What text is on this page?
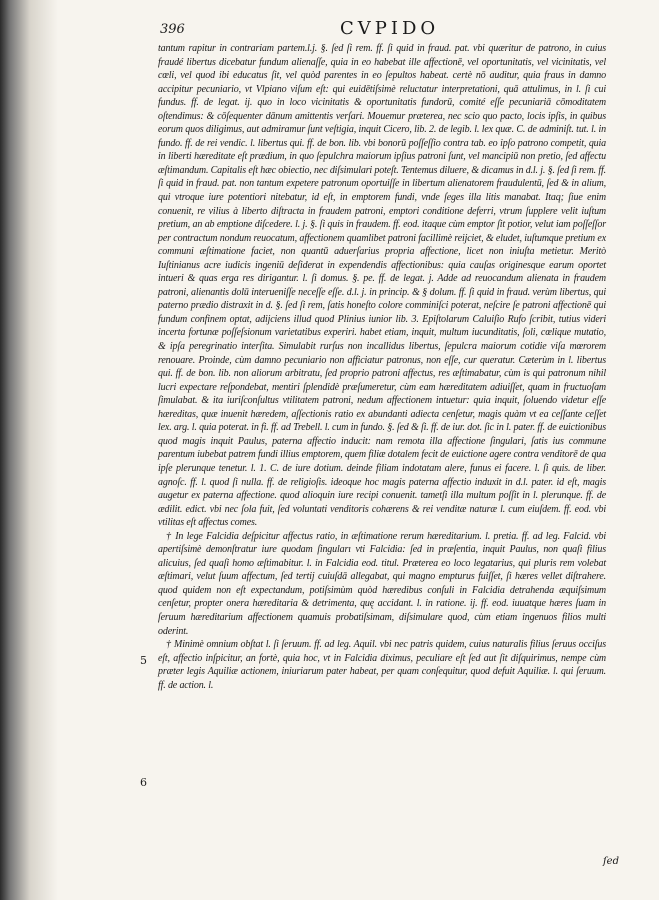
396	CVPIDO
5
6

tantum rapitur in contrariam partem.l.j. §. ſed ſi rem. ff. ſi quid in fraud. pat. vbi quæritur de patrono, in cuius fraudé libertus dicebatur fundum alienaſſe, quia in eo habebat ille affectionē, vel oportunitatis, vel vicinitatis, vel cœli, vel quod ibi educatus ſit, vel quòd parentes in eo ſepultos habeat. certè nō auditur, quia fraus in damno accipitur pecuniario, vt Vlpiano viſum eſt: qui euidētiſsimè reluctatur interpretationi, quā attulimus, in l. ſi cui fundus. ff. de legat. ij. quo in loco vicinitatis & oportunitatis fundorū, comité eſſe pecuniariā cōmoditatem oſtendimus: & cōſequenter dānum amittentis verſari. Mouemur præterea, nec scio quo pacto, locis ipſis, in quibus eorum quos diligimus, aut admiramur ſunt veſtigia, inquit Cicero, lib. 2. de legib. l. lex quæ. C. de adminiſt. tut. l. in fundo. ff. de rei vendic. l. libertus qui. ff. de bon. lib. vbi bonorū poſſeſſio contra tab. eo ipſo patrono competit, quia in liberti hæreditate eſt prædium, in quo ſepulchra maiorum ipſius patroni ſunt, vel mancipiū non pretio, ſed affectu æſtimandum. Capitalis eſt hæc obiectio, nec diſsimulari poteſt. Tentemus diluere, & dicamus in d.l. j. §. ſed ſi rem. ff. ſi quid in fraud. pat. non tantum expetere patronum oportuiſſe in libertum alienatorem fraudulentū, ſed & in alium, qui vtroque iure potentiori nitebatur, id eſt, in emptorem fundi, vnde ſeges illa litis manabat. Itaq; ſiue enim conuenit, re vilius à liberto diſtracta in fraudem patroni, emptori conditione deferri, vtrum ſupplere velit iuſtum pretium, an ab emptione diſcedere. l. j. §. ſi quis in fraudem. ff. eod. itaque cùm emptor ſit potior, velut iam poſſeſſor per contractum nondum reuocatum, affectionem quamlibet patroni facillimè reijciet, & eludet, iuſtumque pretium ex communi æſtimatione faciet, non quantū aduerſarius propria affectione, licet non iniuſta metietur. Meritò Iuſtinianus acre iudicis ingeniū deſiderat in expendendis affectionibus: quia cauſas originesque earum oportet intueri & quas erga res dirigantur. l. ſi domus. §. pe. ff. de legat. j. Adde ad reuocandum alienata in fraudem patroni, alienantis dolū interueniſſe neceſſe eſſe. d.l. j. in princip. & § dolum. ff. ſi quid in fraud. verùm libertus, qui paterno prædio distraxit in d. §. ſed ſi rem, ſatis honeſto colore comminiſci poterat, neſcire ſe patroni affectionē qui fundum confinem optat, adijciens illud quod Plinius iunior lib. 3. Epiſtolarum Caluiſio Rufo ſcribit, tutius videri incerta fortunæ poſſeſsionum varietatibus experiri. habet etiam, inquit, multum iucunditatis, ſoli, cœlique mutatio, & ipſa peregrinatio interſita. Simulabit rurſus non incallidus libertus, ſepulcra maiorum cotidie viſa mœrorem renouare. Proinde, cùm damno pecuniario non afficiatur patronus, non eſſe, cur queratur. Cæterùm in l. libertus qui. ff. de bon. lib. non aliorum arbitratu, ſed proprio patroni affectus, res æſtimabatur, cùm is qui patronum nihil lucri expectare reſpondebat, mentiri ſplendidè præſumeretur, cùm eam hæreditatem adiuiſſet, quam in fructuoſam ſimulabat. & ita iuriſconſultus vtilitatem patroni, nedum affectionem intuetur: quia inquit, ſoluendo videtur eſſe hæreditas, quæ inuenit hæredem, aſſectionis ratio ex abundanti adiecta cenſetur, magis quàm vt ea ceſſante ceſſet lex. arg. l. quia poterat. in fi. ff. ad Trebell. l. cum in fundo. §. ſed & ſi. ff. de iur. dot. ſic in l. pater. ff. de euictionibus quod magis inquit Paulus, paterna affectio inducit: nam remota illa affectione ſingulari, ſatis ius commune parentum iubebat patrem fundi illius emptorem, quem filiæ dotalem fecit de euictione agere contra venditorē de qua ipſe plerunque tenetur. l. 1. C. de iure dotium. deinde filiam indotatam alere, funus ei facere. l. ſi quis. de liber. agnoſc. ff. l. quod ſi nulla. ff. de religioſis. ideoque hoc magis paterna affectio induxit in d.l. pater. id eſt, magis augetur ex paterna affectione. quod alioquin iure recipi conuenit. tametſi illa multum poſſit in l. plerunque. ff. de ædilit. edict. vbi nec ſola fuit, ſed voluntati venditoris cohærens & rei venditæ naturæ l. cum eiuſdem. ff. eod. vbi vtilitas eſt affectus comes.

† In lege Falcidia deſpicitur affectus ratio, in æſtimatione rerum hæreditarium. l. pretia. ff. ad leg. Falcid. vbi apertiſsimè demonſtratur iure quodam ſinguları vti Falcidia: ſed in præſentia, inquit Paulus, non quaſi filius alicuius, ſed quaſi homo æſtimabitur. l. in Falcidia eod. titul. Præterea eo loco legatarius, qui pluris rem volebat æſtimari, velut ſuum affectum, ſed tertij cuiuſdā allegabat, qui magno empturus fuiſſet, ſi hæres vellet diſtrahere. quod quidem non eſt expectandum, potiſsimùm quòd hæredibus conſuli in Falcidia detrahenda æquiſsimum cenſetur, propter onera hæreditaria & detrimenta, quę accidant. l. in ratione. ij. ff. eod. iuuatque hæres ſuam in ſeruum hæreditarium affectionem quamuis probatiſsimam, diſsimulare quod, cùm etiam ingenuos filios multi oderint.

† Minimè omnium obſtat l. ſi ſeruum. ff. ad leg. Aquil. vbi nec patris quidem, cuius naturalis filius ſeruus occiſus eſt, affectio inſpicitur, an fortè, quia hoc, vt in Falcidia diximus, peculiare eſt ſed aut ſit diſquirimus, nempe cùm præter legis Aquiliæ actionem, iniuriarum pater habeat, per quam conſequitur, quod defuit Aquiliæ. l. qui ſeruum. ff. de action. l.

ſed
